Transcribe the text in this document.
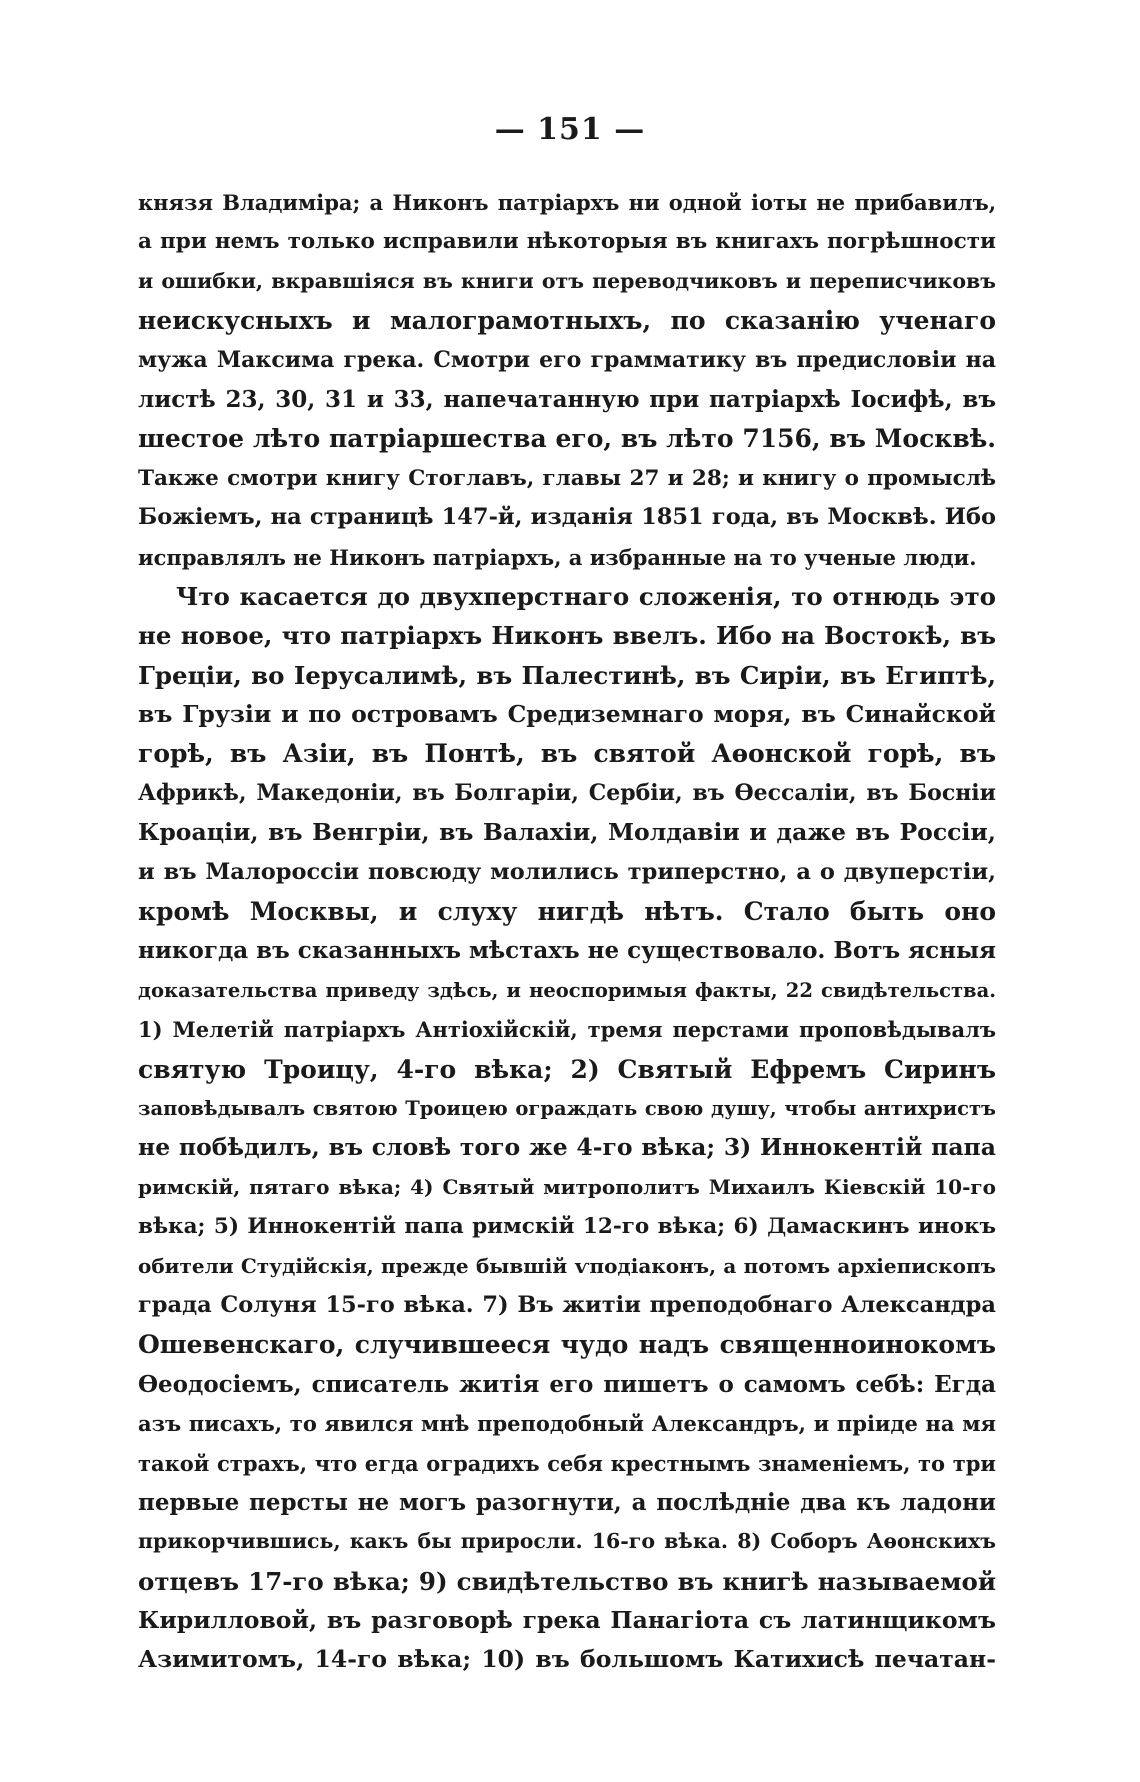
— 151 —
князя Владиміра; а Никонъ патріархъ ни одной іоты не прибавилъ,
а при немъ только исправили нѣкоторыя въ книгахъ погрѣшности
и ошибки, вкравшіяся въ книги отъ переводчиковъ и переписчиковъ
неискусныхъ и малограмотныхъ, по сказанію ученаго
мужа Максима грека. Смотри его грамматику въ предисловіи на
листѣ 23, 30, 31 и 33, напечатанную при патріархѣ Іосифѣ, въ
шестое лѣто патріаршества его, въ лѣто 7156, въ Москвѣ.
Также смотри книгу Стоглавъ, главы 27 и 28; и книгу о промыслѣ
Божіемъ, на страницѣ 147-й, изданія 1851 года, въ Москвѣ. Ибо
исправлялъ не Никонъ патріархъ, а избранные на то ученые люди.
Что касается до двухперстнаго сложенія, то отнюдь это
не новое, что патріархъ Никонъ ввелъ. Ибо на Востокѣ, въ
Греціи, во Іерусалимѣ, въ Палестинѣ, въ Сиріи, въ Египтѣ,
въ Грузіи и по островамъ Средиземнаго моря, въ Синайской
горѣ, въ Азіи, въ Понтѣ, въ святой Аѳонской горѣ, въ
Африкѣ, Македоніи, въ Болгаріи, Сербіи, въ Ѳессаліи, въ Босніи
Кроаціи, въ Венгріи, въ Валахіи, Молдавіи и даже въ Россіи,
и въ Малороссіи повсюду молились триперстно, а о двуперстіи,
кромѣ Москвы, и слуху нигдѣ нѣтъ. Стало быть оно
никогда въ сказанныхъ мѣстахъ не существовало. Вотъ ясныя
доказательства приведу здѣсь, и неоспоримыя факты, 22 свидѣтельства.
1) Мелетій патріархъ Антіохійскій, тремя перстами проповѣдывалъ
святую Троицу, 4-го вѣка; 2) Святый Ефремъ Сиринъ
заповѣдывалъ святою Троицею ограждать свою душу, чтобы антихристъ
не побѣдилъ, въ словѣ того же 4-го вѣка; 3) Иннокентій папа
римскій, пятаго вѣка; 4) Святый митрополитъ Михаилъ Кіевскій 10-го
вѣка; 5) Иннокентій папа римскій 12-го вѣка; 6) Дамаскинъ инокъ
обители Студійскія, прежде бывшій ѵподіаконъ, а потомъ архіепископъ
града Солуня 15-го вѣка. 7) Въ житіи преподобнаго Александра
Ошевенскаго, случившееся чудо надъ священноинокомъ
Ѳеодосіемъ, списатель житія его пишетъ о самомъ себѣ: Егда
азъ писахъ, то явился мнѣ преподобный Александръ, и пріиде на мя
такой страхъ, что егда оградихъ себя крестнымъ знаменіемъ, то три
первые персты не могъ разогнути, а послѣдніе два къ ладони
прикорчившись, какъ бы приросли. 16-го вѣка. 8) Соборъ Аѳонскихъ
отцевъ 17-го вѣка; 9) свидѣтельство въ книгѣ называемой
Кирилловой, въ разговорѣ грека Панагіота съ латинщикомъ
Азимитомъ, 14-го вѣка; 10) въ большомъ Катихисѣ печатан-
